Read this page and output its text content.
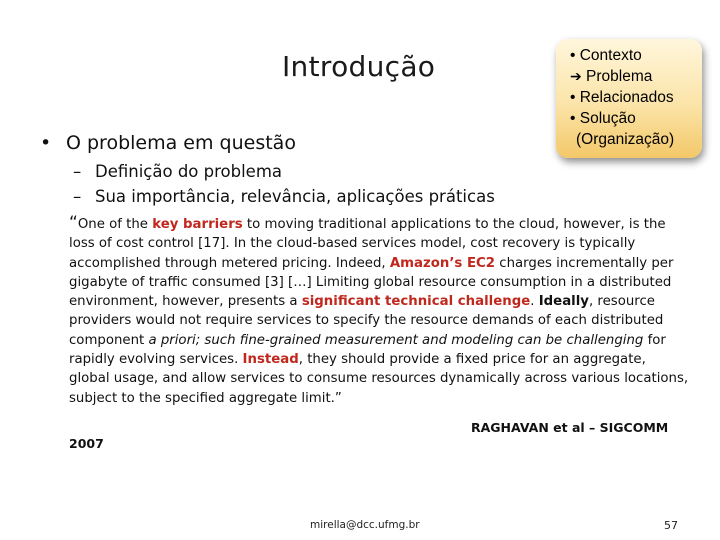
Introdução	• Contexto
➔ Problema
• Relacionados
• Solução
(Organização)
• O problema em questão
– Definição do problema
– Sua importância, relevância, aplicações práticas
“One of the key barriers to moving traditional applications to the cloud, however, is the loss of cost control [17]. In the cloud-based services model, cost recovery is typically accomplished through metered pricing. Indeed, Amazon’s EC2 charges incrementally per gigabyte of traffic consumed [3] […] Limiting global resource consumption in a distributed environment, however, presents a significant technical challenge. Ideally, resource providers would not require services to specify the resource demands of each distributed component a priori; such fine-grained measurement and modeling can be challenging for rapidly evolving services. Instead, they should provide a fixed price for an aggregate, global usage, and allow services to consume resources dynamically across various locations, subject to the specified aggregate limit.”
RAGHAVAN et al – SIGCOMM
2007
mirella@dcc.ufmg.br	57
